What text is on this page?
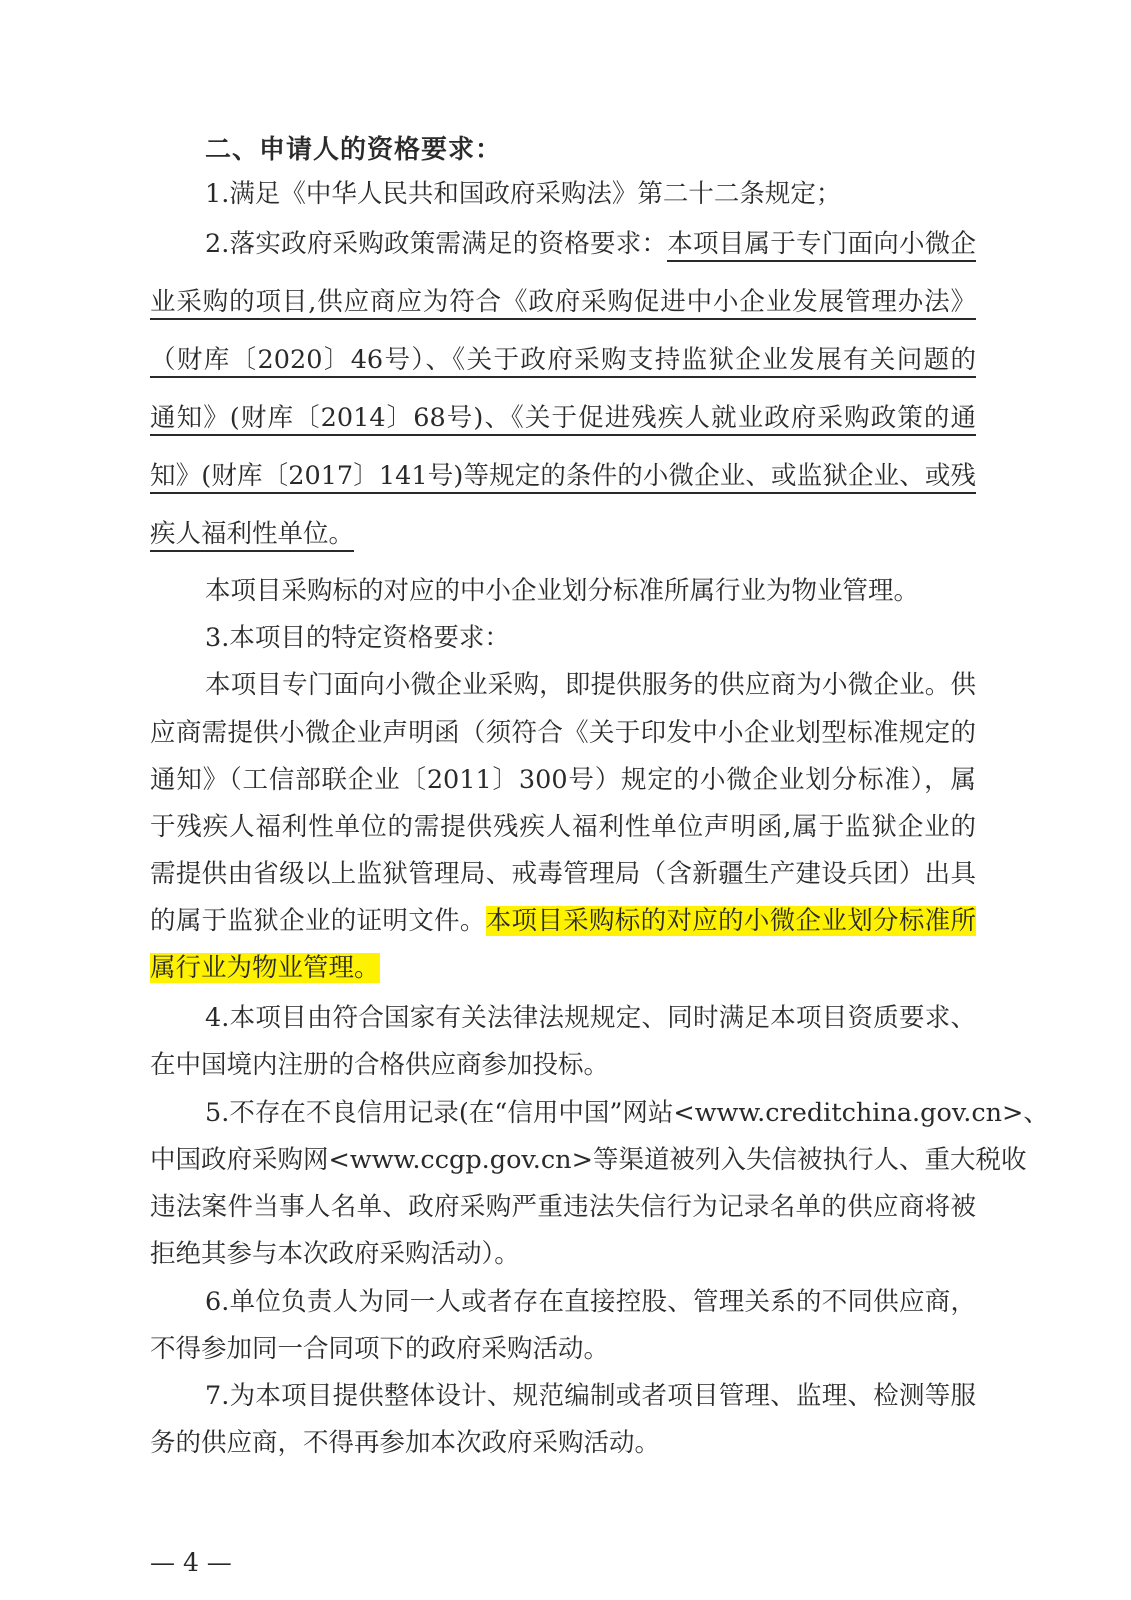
二、申请人的资格要求：
1.满足《中华人民共和国政府采购法》第二十二条规定；
2.落实政府采购政策需满足的资格要求：本项目属于专门面向小微企
业采购的项目,供应商应为符合《政府采购促进中小企业发展管理办法》
（财库〔2020〕46号）、《关于政府采购支持监狱企业发展有关问题的
通知》(财库〔2014〕68号)、《关于促进残疾人就业政府采购政策的通
知》(财库〔2017〕141号)等规定的条件的小微企业、或监狱企业、或残
疾人福利性单位。
本项目采购标的对应的中小企业划分标准所属行业为物业管理。
3.本项目的特定资格要求：
本项目专门面向小微企业采购，即提供服务的供应商为小微企业。供
应商需提供小微企业声明函（须符合《关于印发中小企业划型标准规定的
通知》（工信部联企业〔2011〕300号）规定的小微企业划分标准），属
于残疾人福利性单位的需提供残疾人福利性单位声明函,属于监狱企业的
需提供由省级以上监狱管理局、戒毒管理局（含新疆生产建设兵团）出具
的属于监狱企业的证明文件。本项目采购标的对应的小微企业划分标准所
属行业为物业管理。
4.本项目由符合国家有关法律法规规定、同时满足本项目资质要求、
在中国境内注册的合格供应商参加投标。
5.不存在不良信用记录(在“信用中国”网站<www.creditchina.gov.cn>、
中国政府采购网<www.ccgp.gov.cn>等渠道被列入失信被执行人、重大税收
违法案件当事人名单、政府采购严重违法失信行为记录名单的供应商将被
拒绝其参与本次政府采购活动）。
6.单位负责人为同一人或者存在直接控股、管理关系的不同供应商，
不得参加同一合同项下的政府采购活动。
7.为本项目提供整体设计、规范编制或者项目管理、监理、检测等服
务的供应商，不得再参加本次政府采购活动。
— 4 —
